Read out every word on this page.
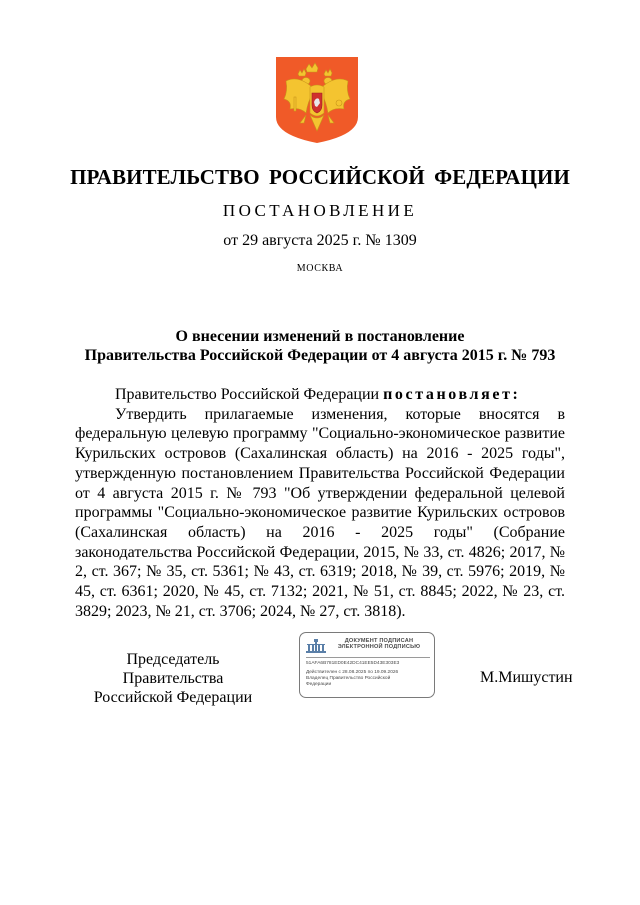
ПРАВИТЕЛЬСТВО РОССИЙСКОЙ ФЕДЕРАЦИИ
ПОСТАНОВЛЕНИЕ
от 29 августа 2025 г. № 1309
МОСКВА
О внесении изменений в постановление
Правительства Российской Федерации от 4 августа 2015 г. № 793
Правительство Российской Федерации постановляет:
Утвердить прилагаемые изменения, которые вносятся в федеральную целевую программу "Социально-экономическое развитие Курильских островов (Сахалинская область) на 2016 - 2025 годы", утвержденную постановлением Правительства Российской Федерации от 4 августа 2015 г. № 793 "Об утверждении федеральной целевой программы "Социально-экономическое развитие Курильских островов (Сахалинская область) на 2016 - 2025 годы" (Собрание законодательства Российской Федерации, 2015, № 33, ст. 4826; 2017, № 2, ст. 367; № 35, ст. 5361; № 43, ст. 6319; 2018, № 39, ст. 5976; 2019, № 45, ст. 6361; 2020, № 45, ст. 7132; 2021, № 51, ст. 8845; 2022, № 23, ст. 3829; 2023, № 21, ст. 3706; 2024, № 27, ст. 3818).
Председатель Правительства
Российской Федерации
ДОКУМЕНТ ПОДПИСАН
ЭЛЕКТРОННОЙ ПОДПИСЬЮ
51AFA6B781ED0E42DC41EE5D43E303E3
Действителен с 28.08.2025 по 19.09.2026
Владелец Правительство Российской
Федерации	М.Мишустин
